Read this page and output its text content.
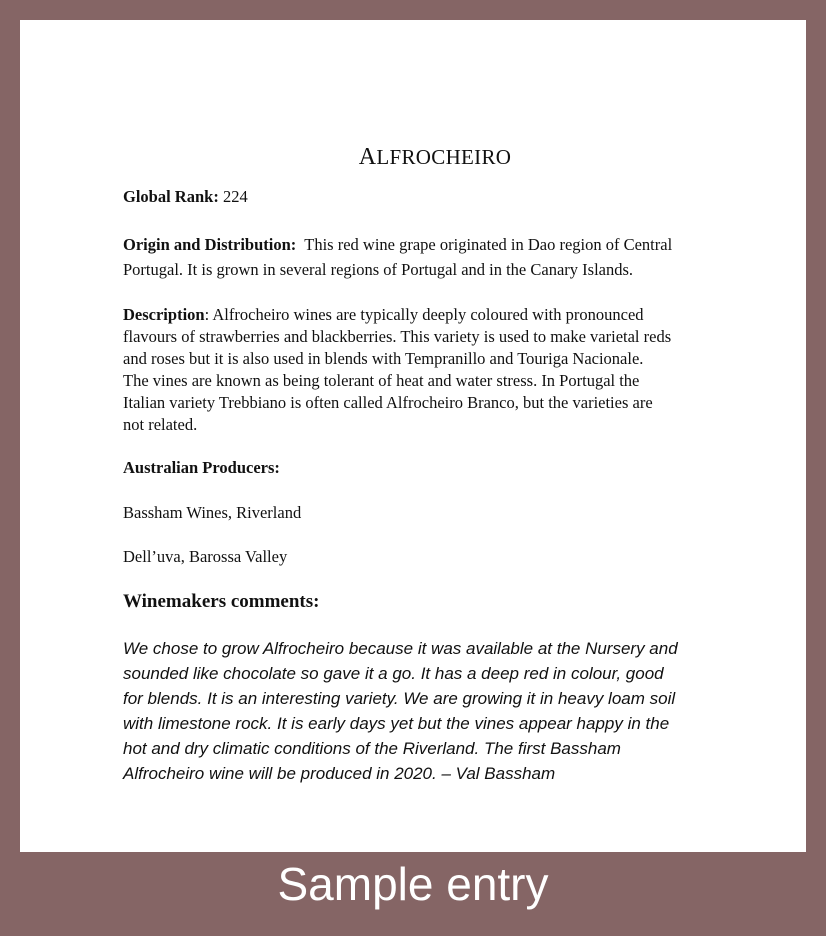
ALFROCHEIRO
Global Rank: 224
Origin and Distribution: This red wine grape originated in Dao region of Central
Portugal. It is grown in several regions of Portugal and in the Canary Islands.
Description: Alfrocheiro wines are typically deeply coloured with pronounced
flavours of strawberries and blackberries. This variety is used to make varietal reds
and roses but it is also used in blends with Tempranillo and Touriga Nacionale.
The vines are known as being tolerant of heat and water stress. In Portugal the
Italian variety Trebbiano is often called Alfrocheiro Branco, but the varieties are
not related.
Australian Producers:
Bassham Wines, Riverland
Dell’uva, Barossa Valley
Winemakers comments:
We chose to grow Alfrocheiro because it was available at the Nursery and
sounded like chocolate so gave it a go. It has a deep red in colour, good
for blends. It is an interesting variety. We are growing it in heavy loam soil
with limestone rock. It is early days yet but the vines appear happy in the
hot and dry climatic conditions of the Riverland. The first Bassham
Alfrocheiro wine will be produced in 2020. – Val Bassham
Sample entry
